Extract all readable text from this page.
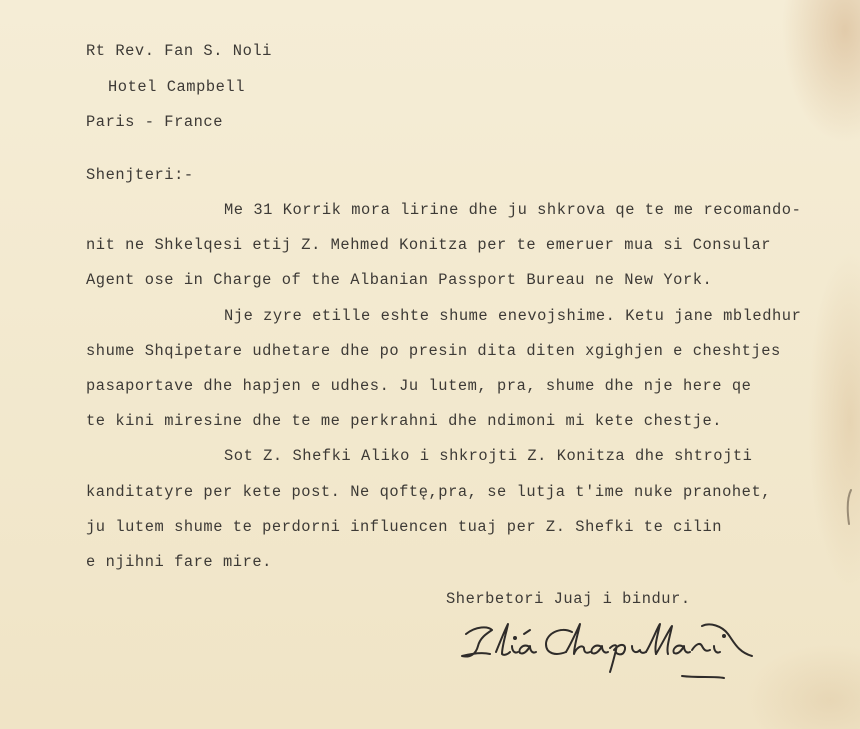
Rt Rev. Fan S. Noli
Hotel Campbell
Paris - France
Shenjteri:-
Me 31 Korrik mora lirine dhe ju shkrova qe te me recomando-
nit ne Shkelqesi etij Z. Mehmed Konitza per te emeruer mua si Consular
Agent ose in Charge of the Albanian Passport Bureau ne New York.
Nje zyre etille eshte shume enevojshime. Ketu jane mbledhur
shume Shqipetare udhetare dhe po presin dita diten xgighjen e cheshtjes
pasaportave dhe hapjen e udhes. Ju lutem, pra, shume dhe nje here qe
te kini miresine dhe te me perkrahni dhe ndimoni mi kete chestje.
Sot Z. Shefki Aliko i shkrojti Z. Konitza dhe shtrojti
kanditatyre per kete post. Ne qoftę,pra, se lutja t'ime nuke pranohet,
ju lutem shume te perdorni influencen tuaj per Z. Shefki te cilin
e njihni fare mire.
Sherbetori Juaj i bindur.
